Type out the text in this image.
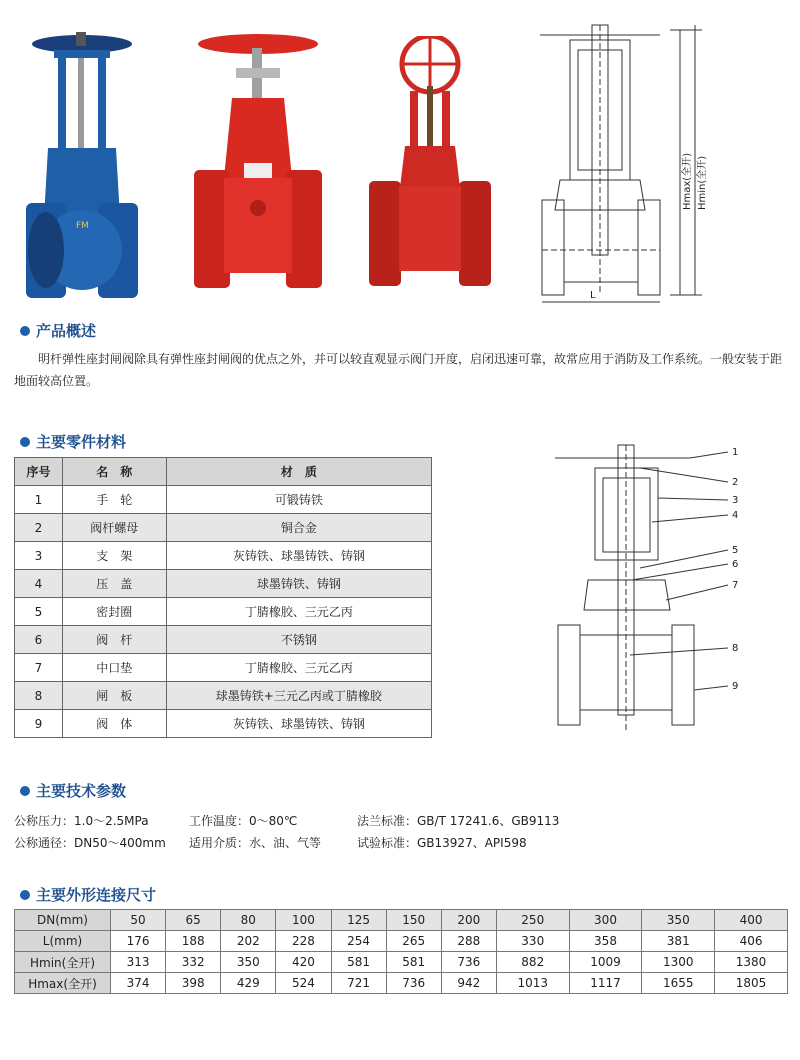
FM
L
Hmax(全开) Hmin(全开)
产品概述
明杆弹性座封闸阀除具有弹性座封闸阀的优点之外，并可以较直观显示阀门开度，启闭迅速可靠，故常应用于消防及工作系统。一般安装于距地面较高位置。
主要零件材料
序号	名　称	材　质
1	手　轮	可锻铸铁
2	阀杆螺母	铜合金
3	支　架	灰铸铁、球墨铸铁、铸钢
4	压　盖	球墨铸铁、铸钢
5	密封圈	丁腈橡胶、三元乙丙
6	阀　杆	不锈钢
7	中口垫	丁腈橡胶、三元乙丙
8	闸　板	球墨铸铁+三元乙丙或丁腈橡胶
9	阀　体	灰铸铁、球墨铸铁、铸钢
1
2
3
4
5
6
7
8
9
主要技术参数
公称压力：1.0～2.5MPa	工作温度：0～80℃	法兰标准：GB/T 17241.6、GB9113
公称通径：DN50～400mm	适用介质：水、油、气等	试验标准：GB13927、API598
主要外形连接尺寸
DN(mm)	50	65	80	100	125	150	200	250	300	350	400
L(mm)	176	188	202	228	254	265	288	330	358	381	406
Hmin(全开)	313	332	350	420	581	581	736	882	1009	1300	1380
Hmax(全开)	374	398	429	524	721	736	942	1013	1117	1655	1805
